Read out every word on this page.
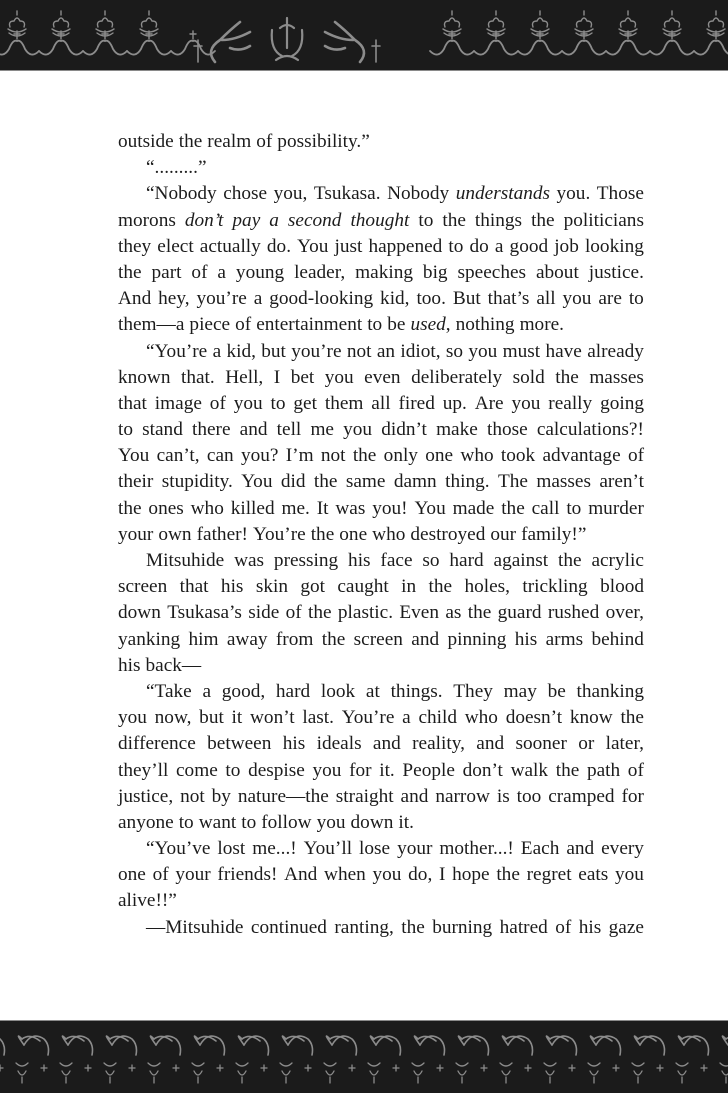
outside the realm of possibility.”
“.........”
“Nobody chose you, Tsukasa. Nobody understands you. Those
morons don’t pay a second thought to the things the politicians
they elect actually do. You just happened to do a good job looking
the part of a young leader, making big speeches about justice.
And hey, you’re a good-looking kid, too. But that’s all you are to
them—a piece of entertainment to be used, nothing more.
“You’re a kid, but you’re not an idiot, so you must have already
known that. Hell, I bet you even deliberately sold the masses
that image of you to get them all fired up. Are you really going
to stand there and tell me you didn’t make those calculations?!
You can’t, can you? I’m not the only one who took advantage of
their stupidity. You did the same damn thing. The masses aren’t
the ones who killed me. It was you! You made the call to murder
your own father! You’re the one who destroyed our family!”
Mitsuhide was pressing his face so hard against the acrylic
screen that his skin got caught in the holes, trickling blood
down Tsukasa’s side of the plastic. Even as the guard rushed over,
yanking him away from the screen and pinning his arms behind
his back—
“Take a good, hard look at things. They may be thanking
you now, but it won’t last. You’re a child who doesn’t know the
difference between his ideals and reality, and sooner or later,
they’ll come to despise you for it. People don’t walk the path of
justice, not by nature—the straight and narrow is too cramped for
anyone to want to follow you down it.
“You’ve lost me...! You’ll lose your mother...! Each and every
one of your friends! And when you do, I hope the regret eats you
alive!!”
—Mitsuhide continued ranting, the burning hatred of his gaze
